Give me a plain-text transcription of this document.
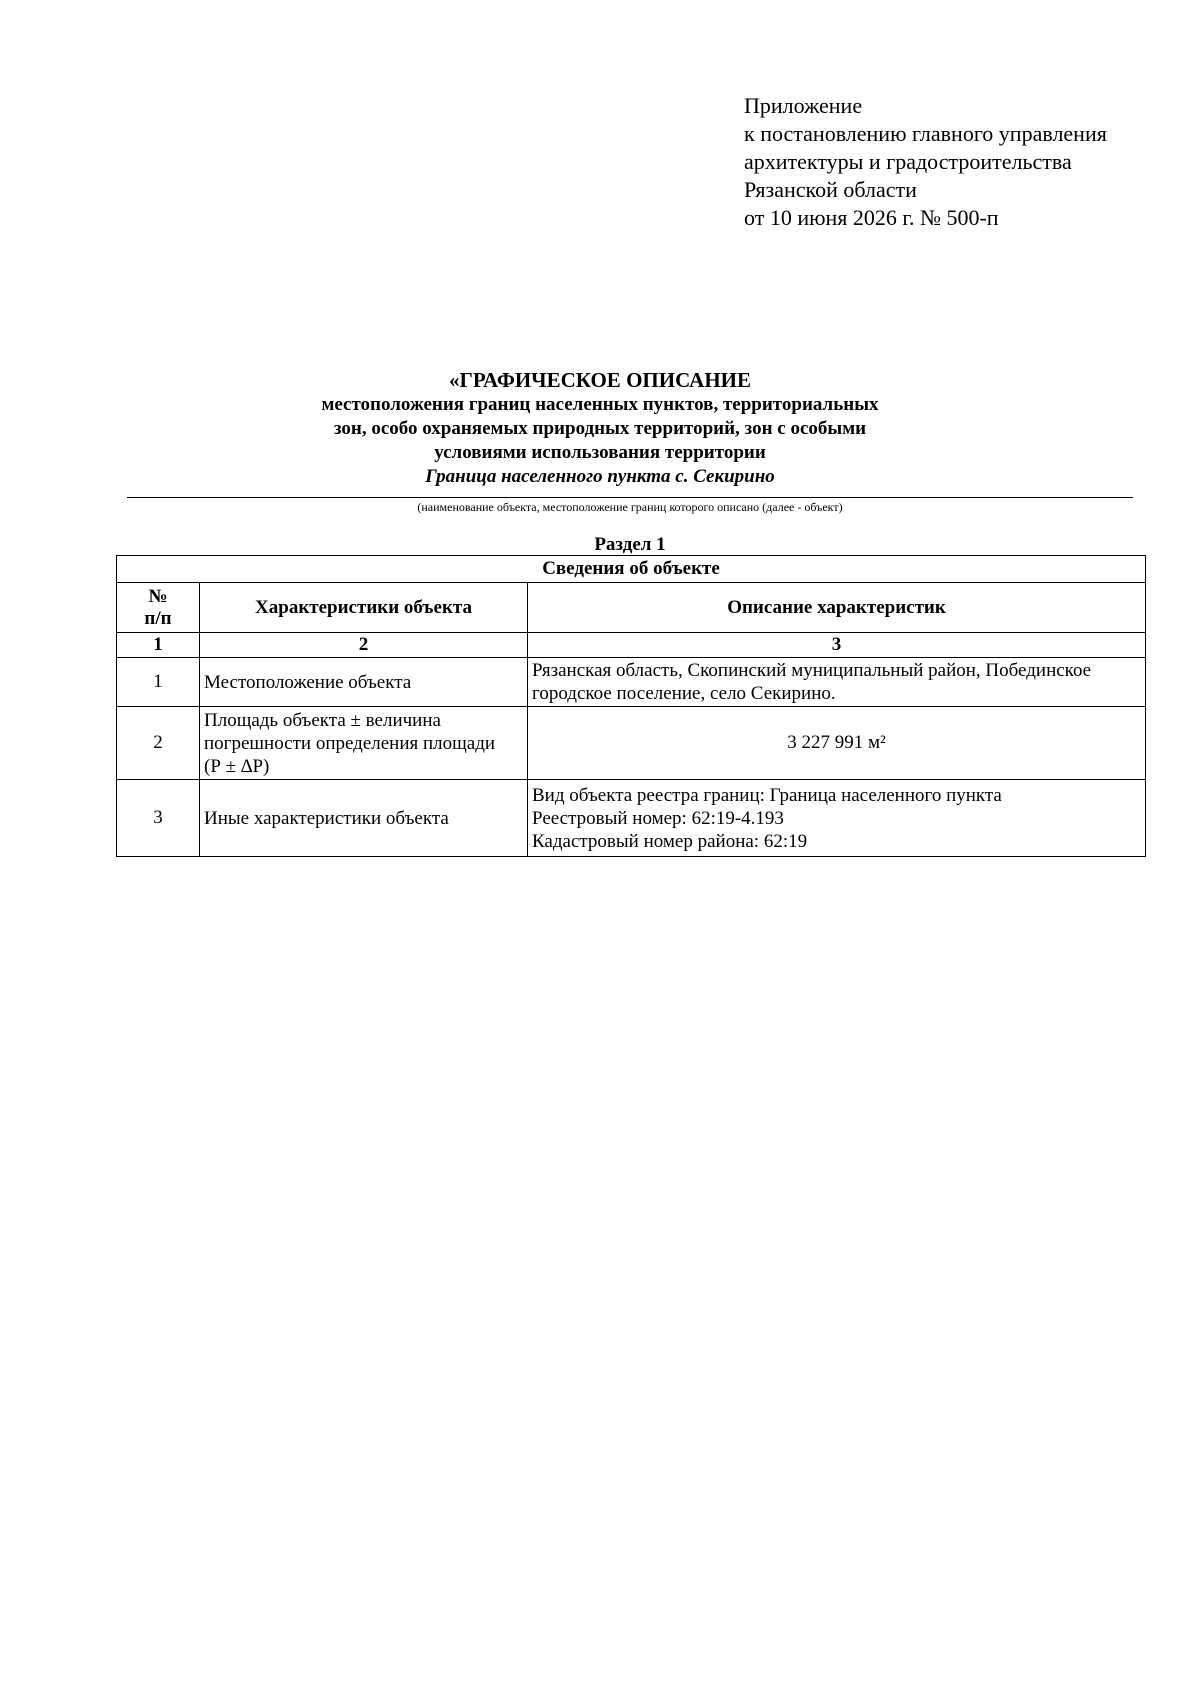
Приложение
к постановлению главного управления
архитектуры и градостроительства
Рязанской области
от 10 июня 2026 г. № 500-п
«ГРАФИЧЕСКОЕ ОПИСАНИЕ
местоположения границ населенных пунктов, территориальных
зон, особо охраняемых природных территорий, зон с особыми
условиями использования территории
Граница населенного пункта с. Секирино
(наименование объекта, местоположение границ которого описано (далее - объект)
Раздел 1
Сведения об объекте		

№
п/п	Характеристики объекта	Описание характеристик
1	2	3
1	Местоположение объекта	Рязанская область, Скопинский муниципальный район, Побединское
городское поселение, село Секирино.

2	Площадь объекта ± величина
погрешности определения площади
(Р ± ∆Р)	3 227 991 м²
3	Иные характеристики объекта	Вид объекта реестра границ: Граница населенного пункта
Реестровый номер: 62:19-4.193
Кадастровый номер района: 62:19
